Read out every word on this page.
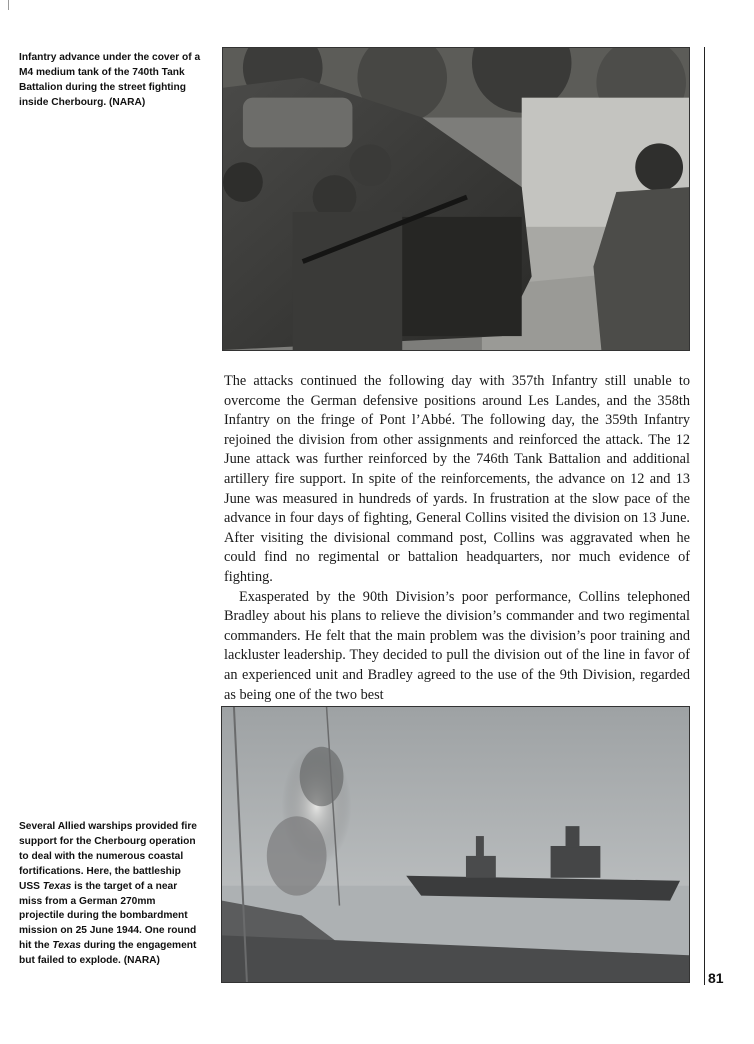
Infantry advance under the cover of a M4 medium tank of the 740th Tank Battalion during the street fighting inside Cherbourg. (NARA)

The attacks continued the following day with 357th Infantry still unable to overcome the German defensive positions around Les Landes, and the 358th Infantry on the fringe of Pont l’Abbé. The following day, the 359th Infantry rejoined the division from other assignments and reinforced the attack. The 12 June attack was further reinforced by the 746th Tank Battalion and additional artillery fire support. In spite of the reinforcements, the advance on 12 and 13 June was measured in hundreds of yards. In frustration at the slow pace of the advance in four days of fighting, General Collins visited the division on 13 June. After visiting the divisional command post, Collins was aggravated when he could find no regimental or battalion headquarters, nor much evidence of fighting.

Exasperated by the 90th Division’s poor performance, Collins telephoned Bradley about his plans to relieve the division’s commander and two regimental commanders. He felt that the main problem was the division’s poor training and lackluster leadership. They decided to pull the division out of the line in favor of an experienced unit and Bradley agreed to the use of the 9th Division, regarded as being one of the two best

Several Allied warships provided fire support for the Cherbourg operation to deal with the numerous coastal fortifications. Here, the battleship USS Texas is the target of a near miss from a German 270mm projectile during the bombardment mission on 25 June 1944. One round hit the Texas during the engagement but failed to explode. (NARA)

81
